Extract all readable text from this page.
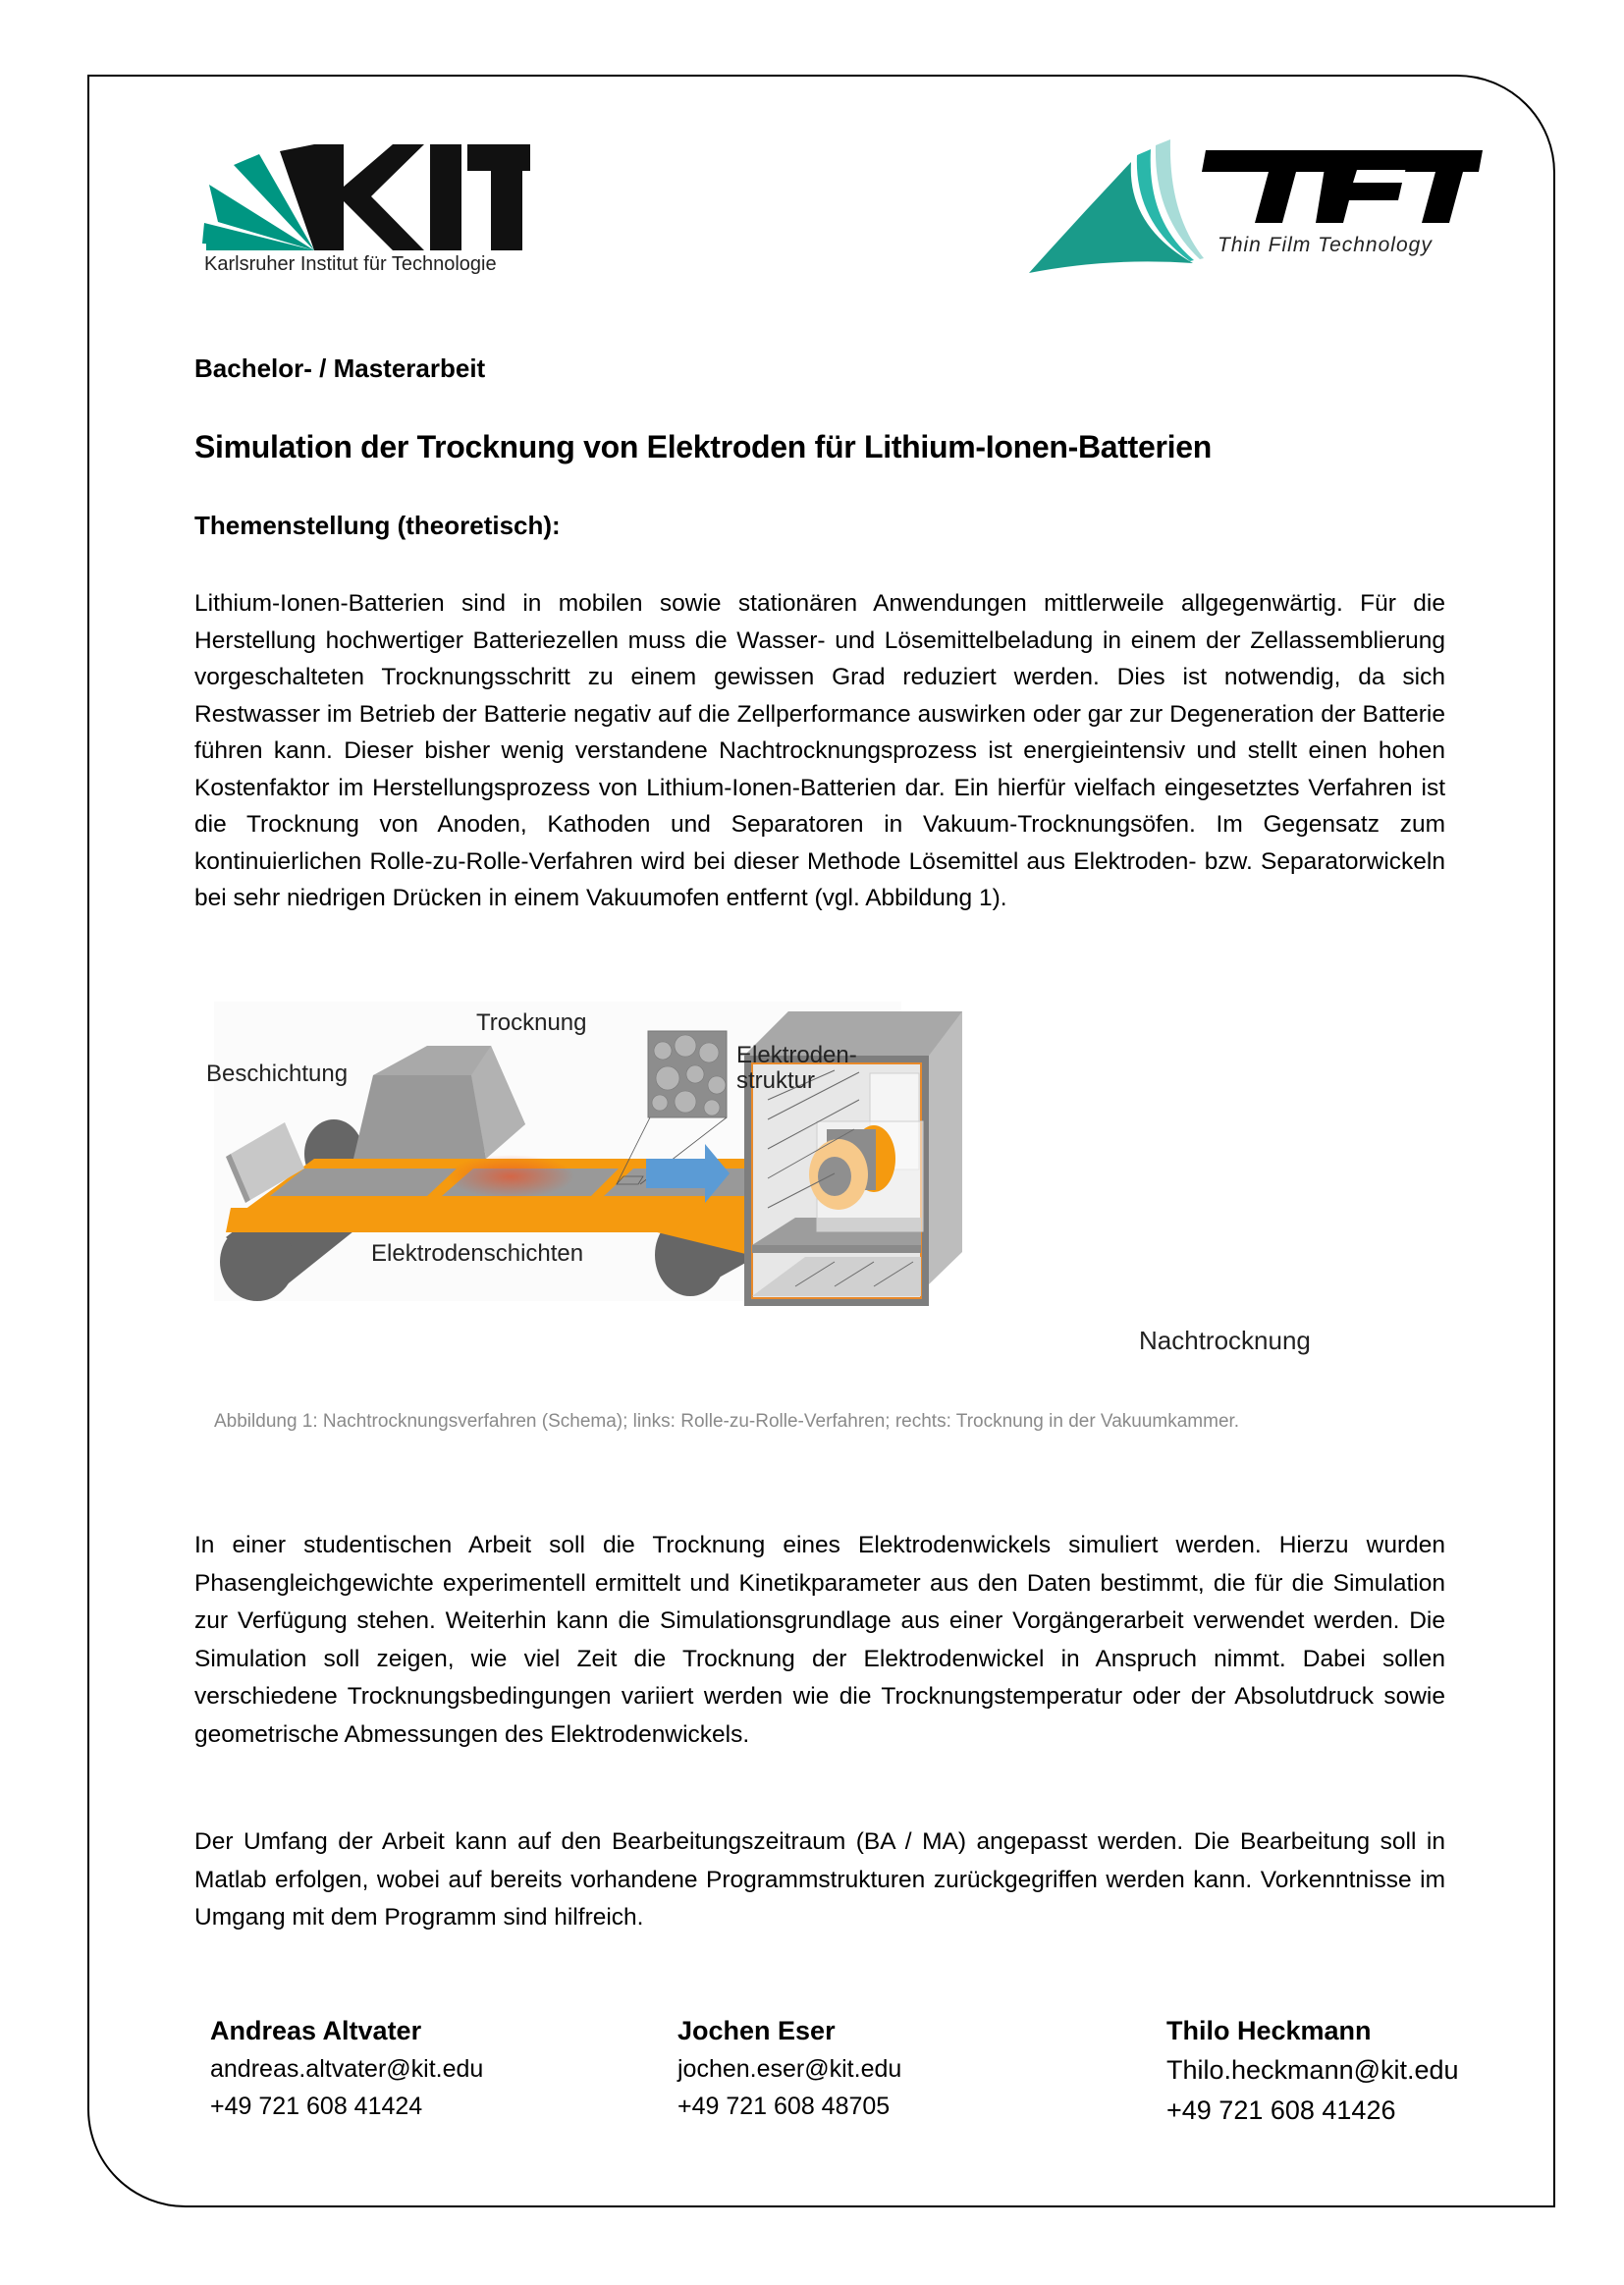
Karlsruher Institut für Technologie
Thin Film Technology
Bachelor- / Masterarbeit
Simulation der Trocknung von Elektroden für Lithium-Ionen-Batterien
Themenstellung (theoretisch):
Lithium-Ionen-Batterien sind in mobilen sowie stationären Anwendungen mittlerweile allgegenwärtig. Für die Herstellung hochwertiger Batteriezellen muss die Wasser- und Lösemittelbeladung in einem der Zellassemblierung vorgeschalteten Trocknungsschritt zu einem gewissen Grad reduziert werden. Dies ist notwendig, da sich Restwasser im Betrieb der Batterie negativ auf die Zellperformance auswirken oder gar zur Degeneration der Batterie führen kann. Dieser bisher wenig verstandene Nachtrocknungsprozess ist energieintensiv und stellt einen hohen Kostenfaktor im Herstellungsprozess von Lithium-Ionen-Batterien dar. Ein hierfür vielfach eingesetztes Verfahren ist die Trocknung von Anoden, Kathoden und Separatoren in Vakuum-Trocknungsöfen. Im Gegensatz zum kontinuierlichen Rolle-zu-Rolle-Verfahren wird bei dieser Methode Lösemittel aus Elektroden- bzw. Separatorwickeln bei sehr niedrigen Drücken in einem Vakuumofen entfernt (vgl. Abbildung 1).
Beschichtung
Trocknung
Elektroden-
struktur
Elektrodenschichten
Nachtrocknung
Abbildung 1: Nachtrocknungsverfahren (Schema); links: Rolle-zu-Rolle-Verfahren; rechts: Trocknung in der Vakuumkammer.
In einer studentischen Arbeit soll die Trocknung eines Elektrodenwickels simuliert werden. Hierzu wurden Phasengleichgewichte experimentell ermittelt und Kinetikparameter aus den Daten bestimmt, die für die Simulation zur Verfügung stehen. Weiterhin kann die Simulationsgrundlage aus einer Vorgängerarbeit verwendet werden. Die Simulation soll zeigen, wie viel Zeit die Trocknung der Elektrodenwickel in Anspruch nimmt. Dabei sollen verschiedene Trocknungsbedingungen variiert werden wie die Trocknungstemperatur oder der Absolutdruck sowie geometrische Abmessungen des Elektrodenwickels.
Der Umfang der Arbeit kann auf den Bearbeitungszeitraum (BA / MA) angepasst werden. Die Bearbeitung soll in Matlab erfolgen, wobei auf bereits vorhandene Programmstrukturen zurückgegriffen werden kann. Vorkenntnisse im Umgang mit dem Programm sind hilfreich.
Andreas Altvater
andreas.altvater@kit.edu
+49 721 608 41424
Jochen Eser
jochen.eser@kit.edu
+49 721 608 48705
Thilo Heckmann
Thilo.heckmann@kit.edu
+49 721 608 41426
